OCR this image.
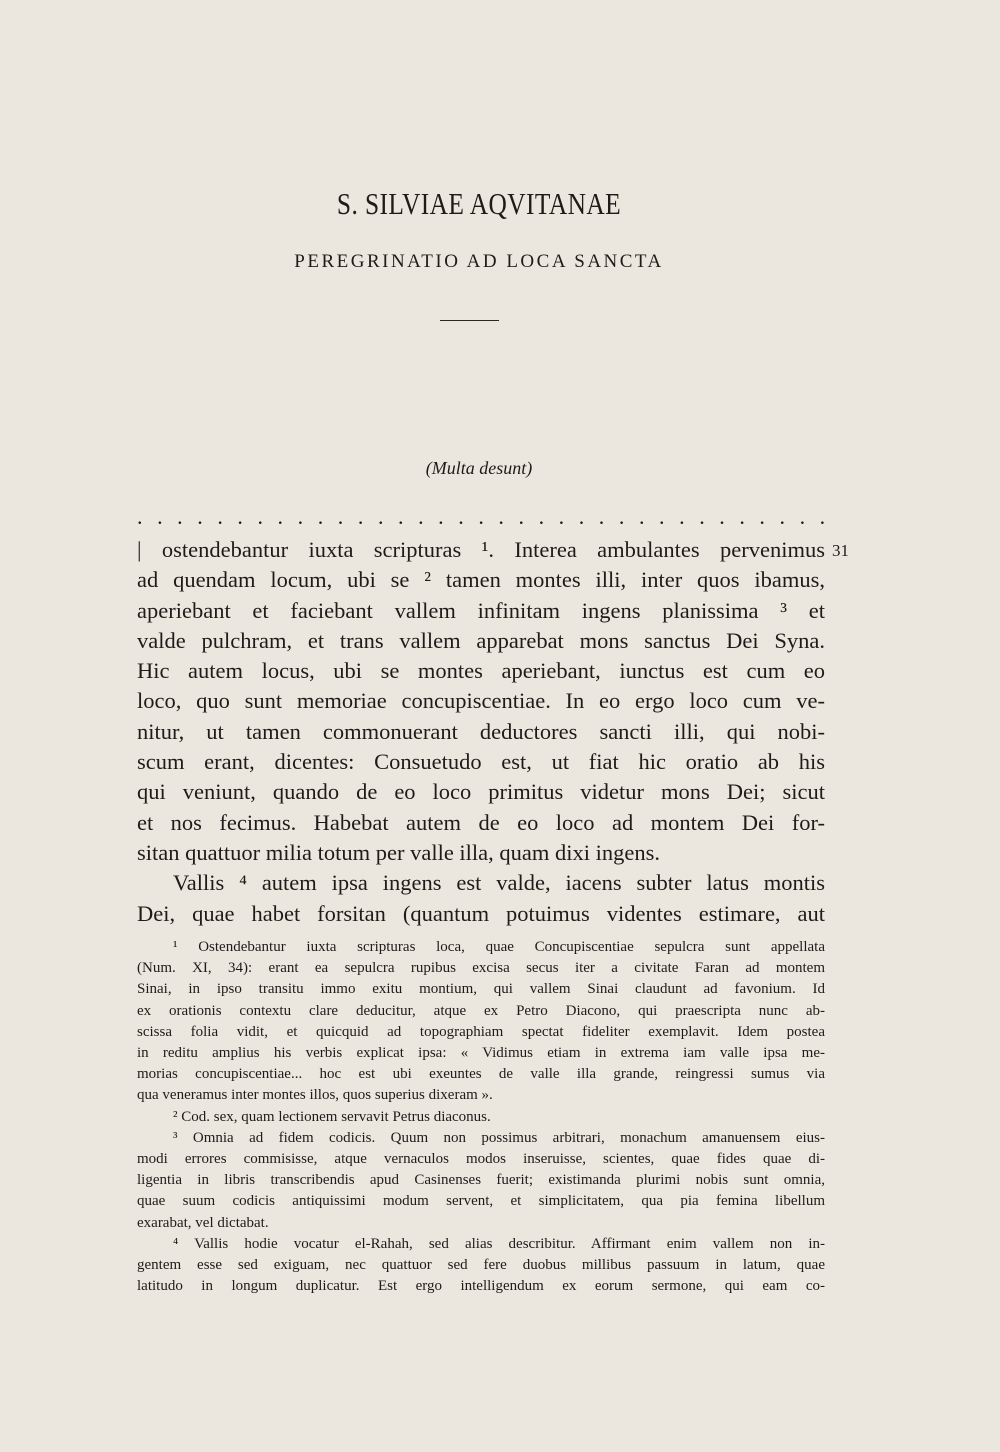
S. SILVIAE AQVITANAE
PEREGRINATIO AD LOCA SANCTA
(Multa desunt)
. . . . . . . . . . . . . . . . . . . . . . . . . . . . . . . . . . .
31
| ostendebantur iuxta scripturas ¹. Interea ambulantes pervenimus
ad quendam locum, ubi se ² tamen montes illi, inter quos ibamus,
aperiebant et faciebant vallem infinitam ingens planissima ³ et
valde pulchram, et trans vallem apparebat mons sanctus Dei Syna.
Hic autem locus, ubi se montes aperiebant, iunctus est cum eo
loco, quo sunt memoriae concupiscentiae. In eo ergo loco cum ve-
nitur, ut tamen commonuerant deductores sancti illi, qui nobi-
scum erant, dicentes: Consuetudo est, ut fiat hic oratio ab his
qui veniunt, quando de eo loco primitus videtur mons Dei; sicut
et nos fecimus. Habebat autem de eo loco ad montem Dei for-
sitan quattuor milia totum per valle illa, quam dixi ingens.
Vallis ⁴ autem ipsa ingens est valde, iacens subter latus montis
Dei, quae habet forsitan (quantum potuimus videntes estimare, aut
¹ Ostendebantur iuxta scripturas loca, quae Concupiscentiae sepulcra sunt appellata
(Num. XI, 34): erant ea sepulcra rupibus excisa secus iter a civitate Faran ad montem
Sinai, in ipso transitu immo exitu montium, qui vallem Sinai claudunt ad favonium. Id
ex orationis contextu clare deducitur, atque ex Petro Diacono, qui praescripta nunc ab-
scissa folia vidit, et quicquid ad topographiam spectat fideliter exemplavit. Idem postea
in reditu amplius his verbis explicat ipsa: « Vidimus etiam in extrema iam valle ipsa me-
morias concupiscentiae... hoc est ubi exeuntes de valle illa grande, reingressi sumus via
qua veneramus inter montes illos, quos superius dixeram ».
² Cod. sex, quam lectionem servavit Petrus diaconus.
³ Omnia ad fidem codicis. Quum non possimus arbitrari, monachum amanuensem eius-
modi errores commisisse, atque vernaculos modos inseruisse, scientes, quae fides quae di-
ligentia in libris transcribendis apud Casinenses fuerit; existimanda plurimi nobis sunt omnia,
quae suum codicis antiquissimi modum servent, et simplicitatem, qua pia femina libellum
exarabat, vel dictabat.
⁴ Vallis hodie vocatur el-Rahah, sed alias describitur. Affirmant enim vallem non in-
gentem esse sed exiguam, nec quattuor sed fere duobus millibus passuum in latum, quae
latitudo in longum duplicatur. Est ergo intelligendum ex eorum sermone, qui eam co-
